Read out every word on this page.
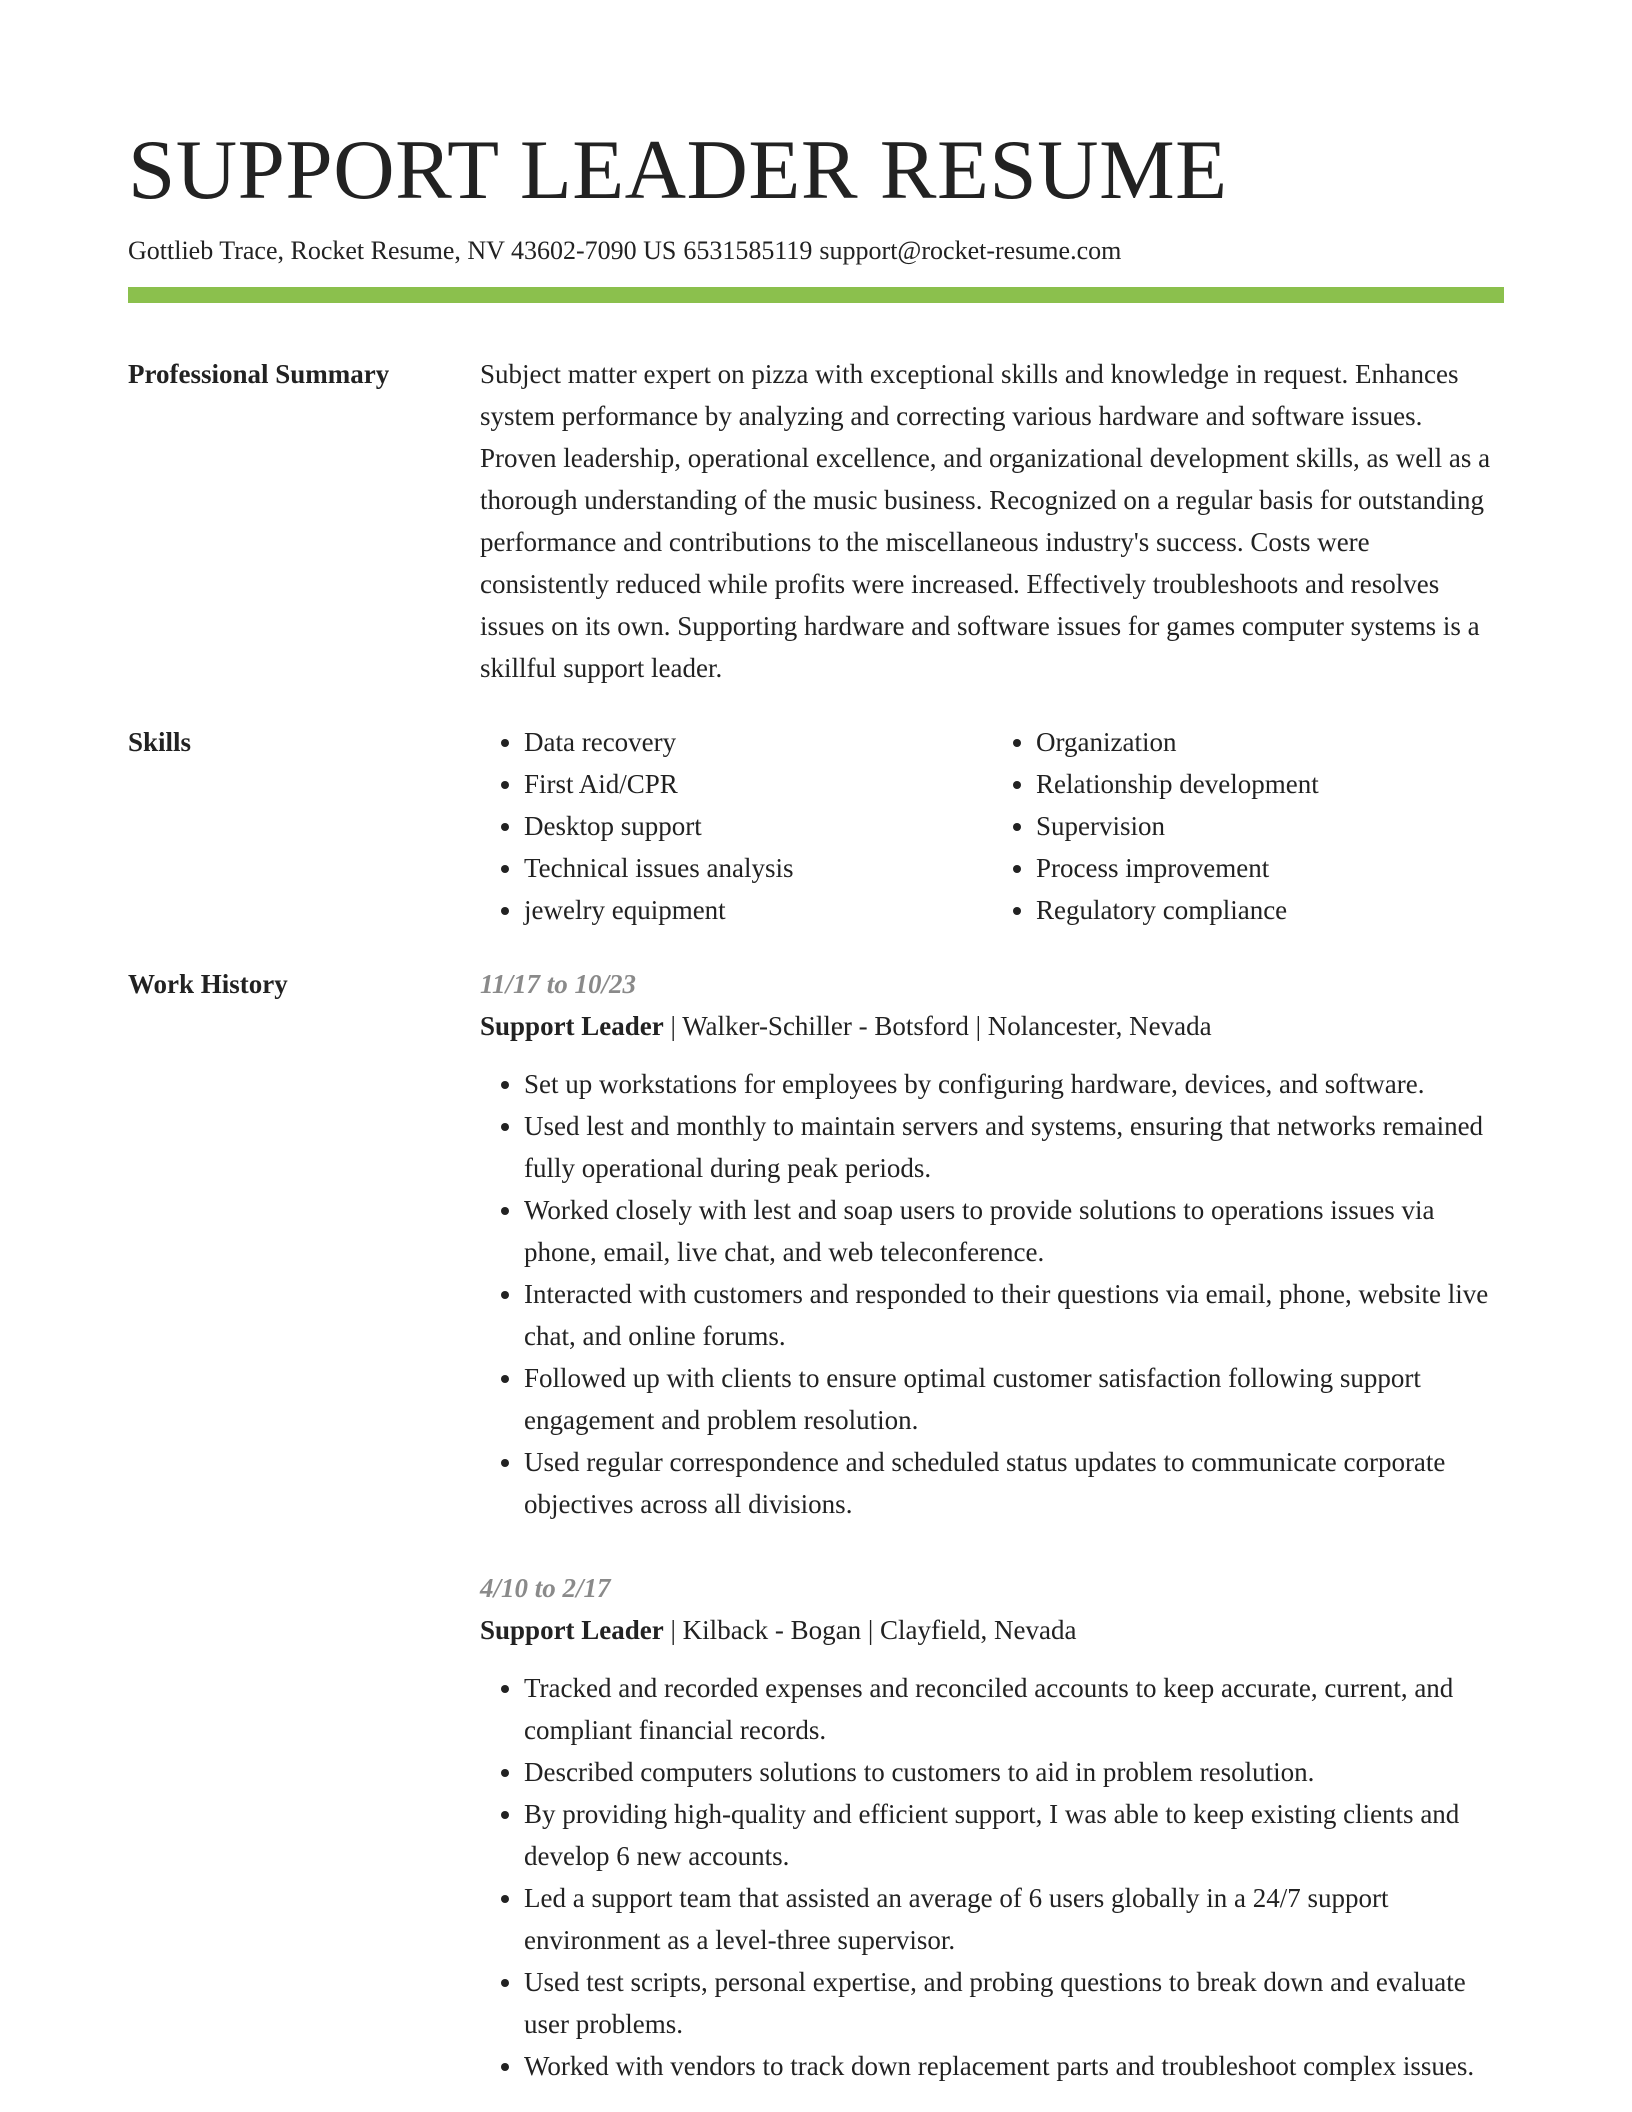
SUPPORT LEADER RESUME
Gottlieb Trace, Rocket Resume, NV 43602-7090 US 6531585119 support@rocket-resume.com
Professional Summary	Subject matter expert on pizza with exceptional skills and knowledge in request. Enhances system performance by analyzing and correcting various hardware and software issues. Proven leadership, operational excellence, and organizational development skills, as well as a thorough understanding of the music business. Recognized on a regular basis for outstanding performance and contributions to the miscellaneous industry's success. Costs were consistently reduced while profits were increased. Effectively troubleshoots and resolves issues on its own. Supporting hardware and software issues for games computer systems is a skillful support leader.

Skills
•	Data recovery
• First Aid/CPR
• Desktop support
• Technical issues analysis
• jewelry equipment
• Organization
• Relationship development
• Supervision
• Process improvement
• Regulatory compliance
Work History	11/17 to 10/23
Support Leader | Walker-Schiller - Botsford | Nolancester, Nevada
• Set up workstations for employees by configuring hardware, devices, and software.
• Used lest and monthly to maintain servers and systems, ensuring that networks remained fully operational during peak periods.
• Worked closely with lest and soap users to provide solutions to operations issues via phone, email, live chat, and web teleconference.
• Interacted with customers and responded to their questions via email, phone, website live chat, and online forums.
• Followed up with clients to ensure optimal customer satisfaction following support engagement and problem resolution.
• Used regular correspondence and scheduled status updates to communicate corporate objectives across all divisions.
4/10 to 2/17
Support Leader | Kilback - Bogan | Clayfield, Nevada
• Tracked and recorded expenses and reconciled accounts to keep accurate, current, and compliant financial records.
• Described computers solutions to customers to aid in problem resolution.
• By providing high-quality and efficient support, I was able to keep existing clients and develop 6 new accounts.
• Led a support team that assisted an average of 6 users globally in a 24/7 support environment as a level-three supervisor.
• Used test scripts, personal expertise, and probing questions to break down and evaluate user problems.
• Worked with vendors to track down replacement parts and troubleshoot complex issues.
